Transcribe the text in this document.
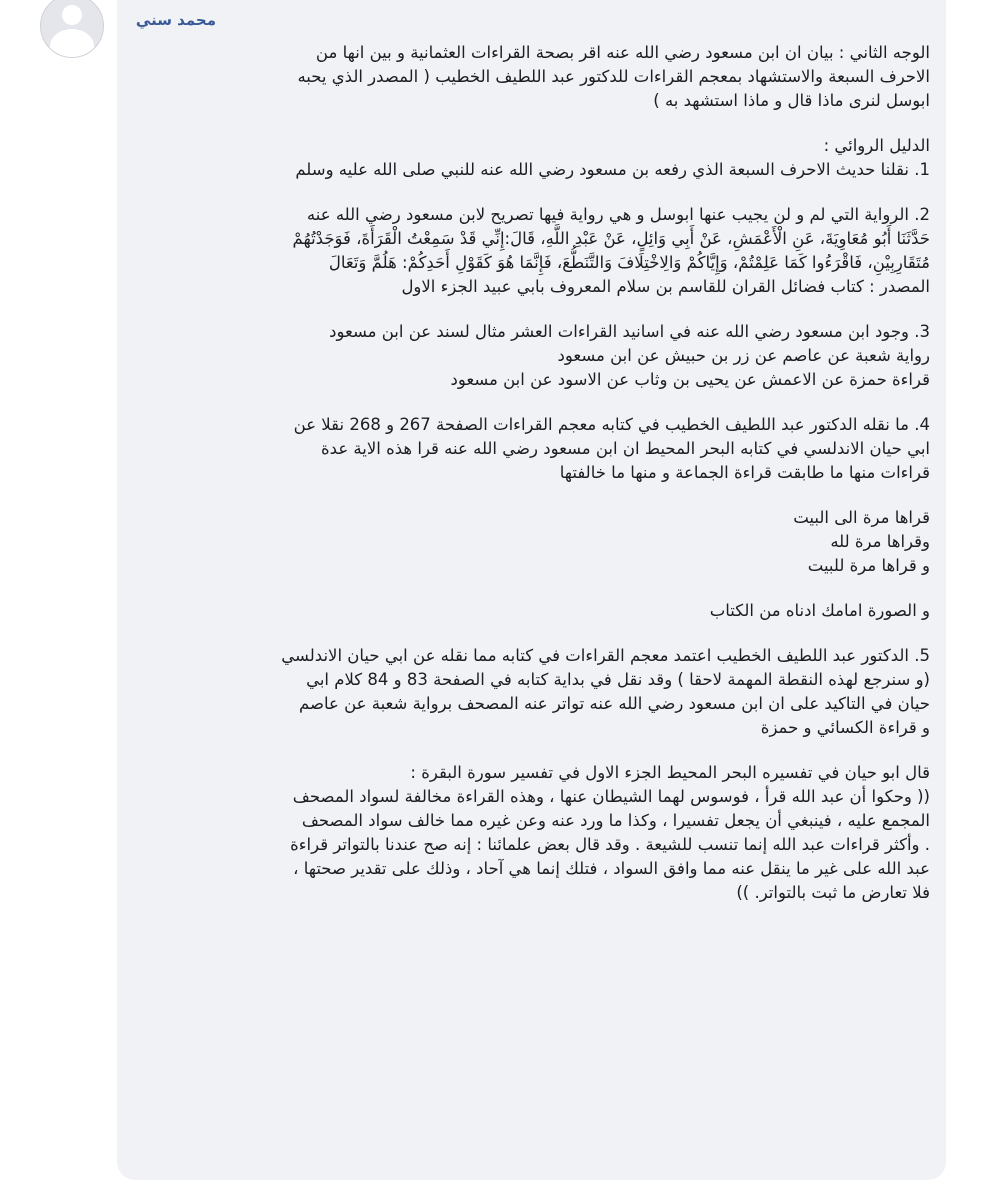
محمد سني
الوجه الثاني : بيان ان ابن مسعود رضي الله عنه اقر بصحة القراءات العثمانية و بين انها من
الاحرف السبعة والاستشهاد بمعجم القراءات للدكتور عبد اللطيف الخطيب ( المصدر الذي يحبه
ابوسل لنرى ماذا قال و ماذا استشهد به )
الدليل الروائي :
1. نقلنا حديث الاحرف السبعة الذي رفعه بن مسعود رضي الله عنه للنبي صلى الله عليه وسلم
2. الرواية التي لم و لن يجيب عنها ابوسل و هي رواية فيها تصريح لابن مسعود رضي الله عنه
حَدَّثَنَا أَبُو مُعَاوِيَةَ، عَنِ الْأَعْمَشِ، عَنْ أَبِي وَائِلٍ، عَنْ عَبْدِ اللَّهِ، قَالَ:إِنِّي قَدْ سَمِعْتُ الْقَرَأَةَ، فَوَجَدْتُهُمْ
مُتَقَارِبِيْنِ، فَاقْرَءُوا كَمَا عَلِمْتُمْ، وَإِيَّاكُمْ وَالِاخْتِلَافَ وَالتَّنَطُّعَ، فَإِنَّمَا هُوَ كَقَوْلِ أَحَدِكُمْ: هَلُمَّ وَتَعَالَ
المصدر : كتاب فضائل القران للقاسم بن سلام المعروف بابي عبيد الجزء الاول
3. وجود ابن مسعود رضي الله عنه في اسانيد القراءات العشر مثال لسند عن ابن مسعود
رواية شعبة عن عاصم عن زر بن حبيش عن ابن مسعود
قراءة حمزة عن الاعمش عن يحيى بن وثاب عن الاسود عن ابن مسعود
4. ما نقله الدكتور عبد اللطيف الخطيب في كتابه معجم القراءات الصفحة 267 و 268 نقلا عن
ابي حيان الاندلسي في كتابه البحر المحيط ان ابن مسعود رضي الله عنه قرا هذه الاية عدة
قراءات منها ما طابقت قراءة الجماعة و منها ما خالفتها
قراها مرة الى البيت
وقراها مرة لله
و قراها مرة للبيت
و الصورة امامك ادناه من الكتاب
5. الدكتور عبد اللطيف الخطيب اعتمد معجم القراءات في كتابه مما نقله عن ابي حيان الاندلسي
(و سنرجع لهذه النقطة المهمة لاحقا ) وقد نقل في بداية كتابه في الصفحة 83 و 84 كلام ابي
حيان في التاكيد على ان ابن مسعود رضي الله عنه تواتر عنه المصحف برواية شعبة عن عاصم
و قراءة الكسائي و حمزة
قال ابو حيان في تفسيره البحر المحيط الجزء الاول في تفسير سورة البقرة :
(( وحكوا أن عبد الله قرأ ، فوسوس لهما الشيطان عنها ، وهذه القراءة مخالفة لسواد المصحف
المجمع عليه ، فينبغي أن يجعل تفسيرا ، وكذا ما ورد عنه وعن غيره مما خالف سواد المصحف
. وأكثر قراءات عبد الله إنما تنسب للشيعة . وقد قال بعض علمائنا : إنه صح عندنا بالتواتر قراءة
عبد الله على غير ما ينقل عنه مما وافق السواد ، فتلك إنما هي آحاد ، وذلك على تقدير صحتها ،
فلا تعارض ما ثبت بالتواتر. ))
